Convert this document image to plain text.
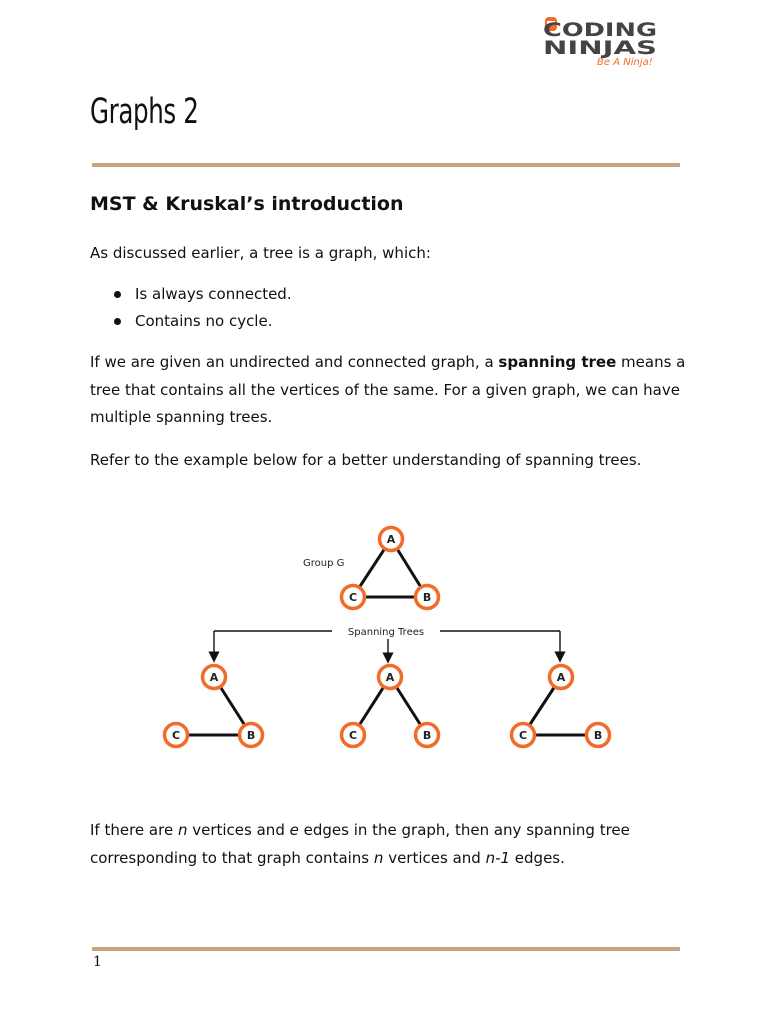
CODING
NINJAS
Be A Ninja!
Graphs 2
MST & Kruskal’s introduction

As discussed earlier, a tree is a graph, which:

Is always connected.
Contains no cycle.

If we are given an undirected and connected graph, a spanning tree means a tree that contains all the vertices of the same. For a given graph, we can have multiple spanning trees.

Refer to the example below for a better understanding of spanning trees.

Group G
Spanning Trees
A
C	B
A
C	B
A
C	B
A
C	B

If there are n vertices and e edges in the graph, then any spanning tree corresponding to that graph contains n vertices and n-1 edges.

1
